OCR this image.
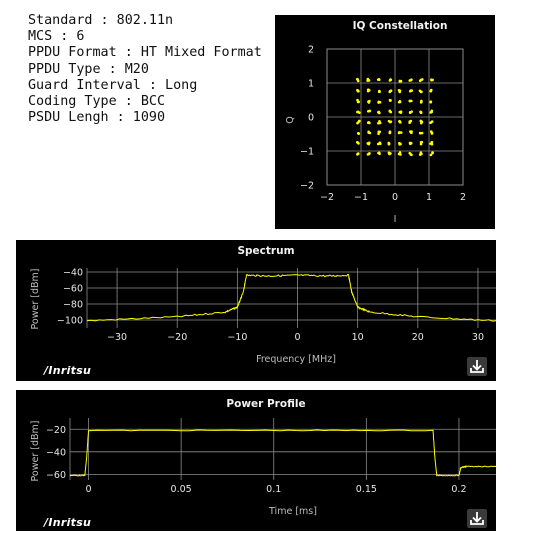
Standard : 802.11n
MCS : 6
PPDU Format : HT Mixed Format
PPDU Type : M20
Guard Interval : Long
Coding Type : BCC
PSDU Lengh : 1090
IQ Constellation
−2 −1	0	1	2
2
1
0
−1
−2
I
Q
Spectrum
−30	−20	−10	0	10	20	30
−40
−60
−80
−100
Frequency [MHz]
Power [dBm]
/Inritsu
Power Profile
0	0.05	0.1	0.15	0.2
−20
−40
−60
Time [ms]
Power [dBm]
/Inritsu
